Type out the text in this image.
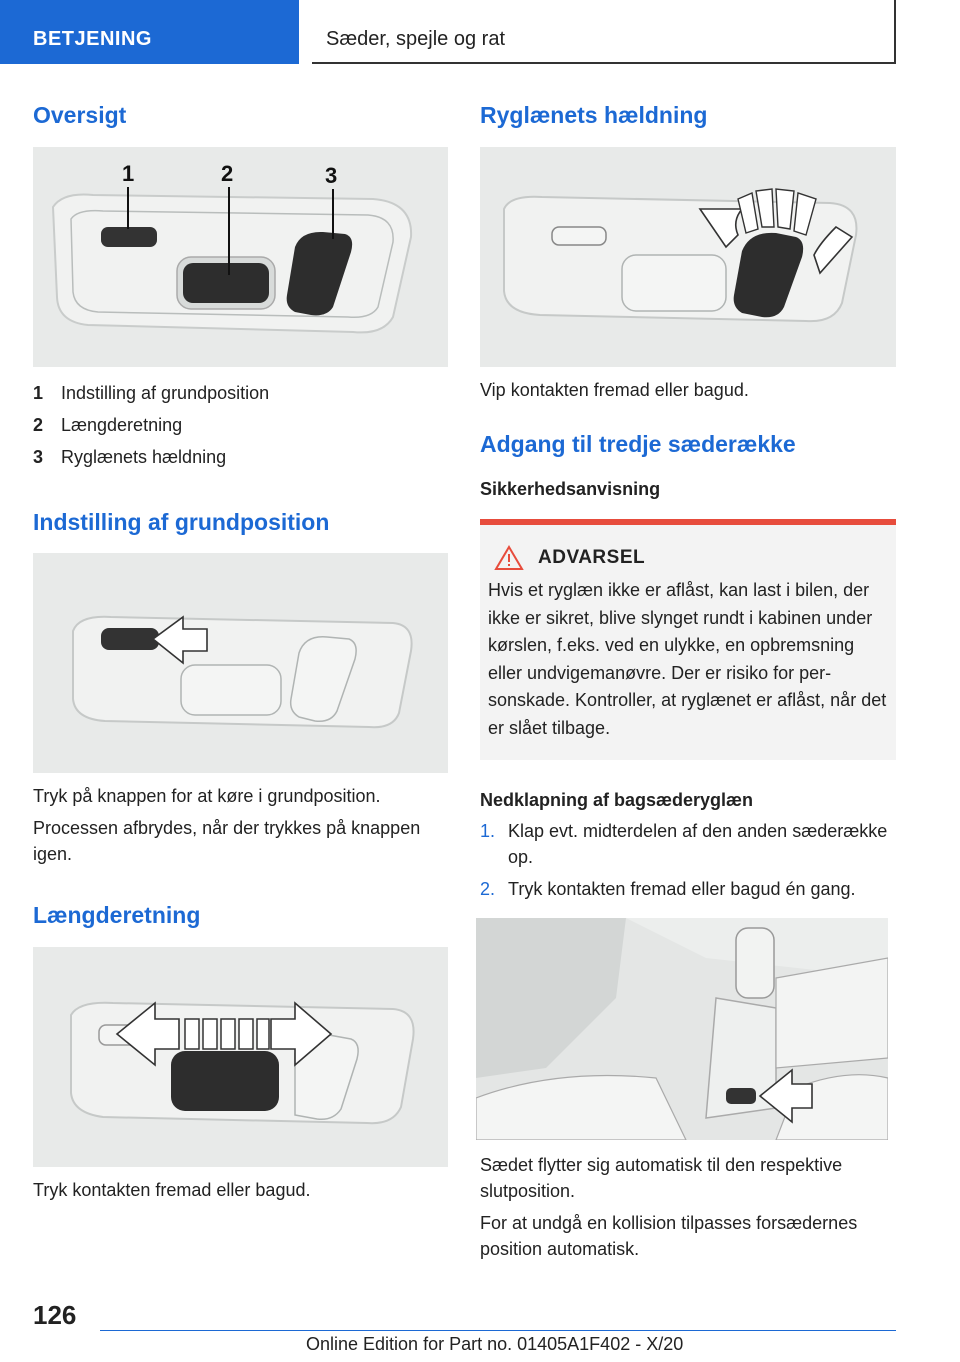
BETJENING	Sæder, spejle og rat
Oversigt
1	2	3
1 Indstilling af grundposition
2 Længderetning
3 Ryglænets hældning
Indstilling af grundposition

Tryk på knappen for at køre i grundposition.

Processen afbrydes, når der trykkes på knappen igen.

Længderetning

Tryk kontakten fremad eller bagud.

Ryglænets hældning

Vip kontakten fremad eller bagud.

Adgang til tredje sæderække
Sikkerhedsanvisning
ADVARSEL

Hvis et ryglæn ikke er aflåst, kan last i bilen, der ikke er sikret, blive slynget rundt i kabinen under kørslen, f.eks. ved en ulykke, en opbremsning eller undvigemanøvre. Der er risiko for personskade. Kontroller, at ryglænet er aflåst, når det er slået tilbage.

Nedklapning af bagsæderyglæn
1. Klap evt. midterdelen af den anden sæderække op.
2. Tryk kontakten fremad eller bagud én gang.

Sædet flytter sig automatisk til den respektive slutposition.

For at undgå en kollision tilpasses forsædernes position automatisk.

126
Online Edition for Part no. 01405A1F402 - X/20
